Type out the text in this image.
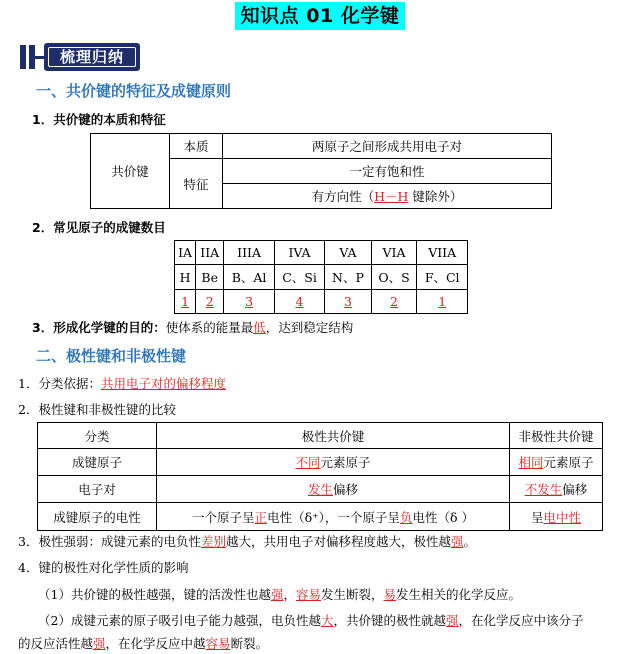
知识点 01 化学键
梳理归纳
一、共价键的特征及成键原则
1．共价键的本质和特征
共价键	本质	两原子之间形成共用电子对
	特征	一定有饱和性
		有方向性（H－H 键除外）
2．常见原子的成键数目
IA	IIA	IIIA	IVA	VA	VIA	VIIA
H	Be	B、Al	C、Si	N、P	O、S	F、Cl
1	2	3	4	3	2	1
3．形成化学键的目的：使体系的能量最低，达到稳定结构
二、极性键和非极性键
1．分类依据：共用电子对的偏移程度
2．极性键和非极性键的比较
分类	极性共价键	非极性共价键
成键原子	不同元素原子	相同元素原子
电子对	发生偏移	不发生偏移
成键原子的电性	一个原子呈正电性（δ⁺），一个原子呈负电性（δ ）	呈电中性
3．极性强弱：成键元素的电负性差别越大，共用电子对偏移程度越大，极性越强。
4．键的极性对化学性质的影响
（1）共价键的极性越强，键的活泼性也越强，容易发生断裂，易发生相关的化学反应。
（2）成键元素的原子吸引电子能力越强，电负性越大，共价键的极性就越强，在化学反应中该分子
的反应活性越强，在化学反应中越容易断裂。
